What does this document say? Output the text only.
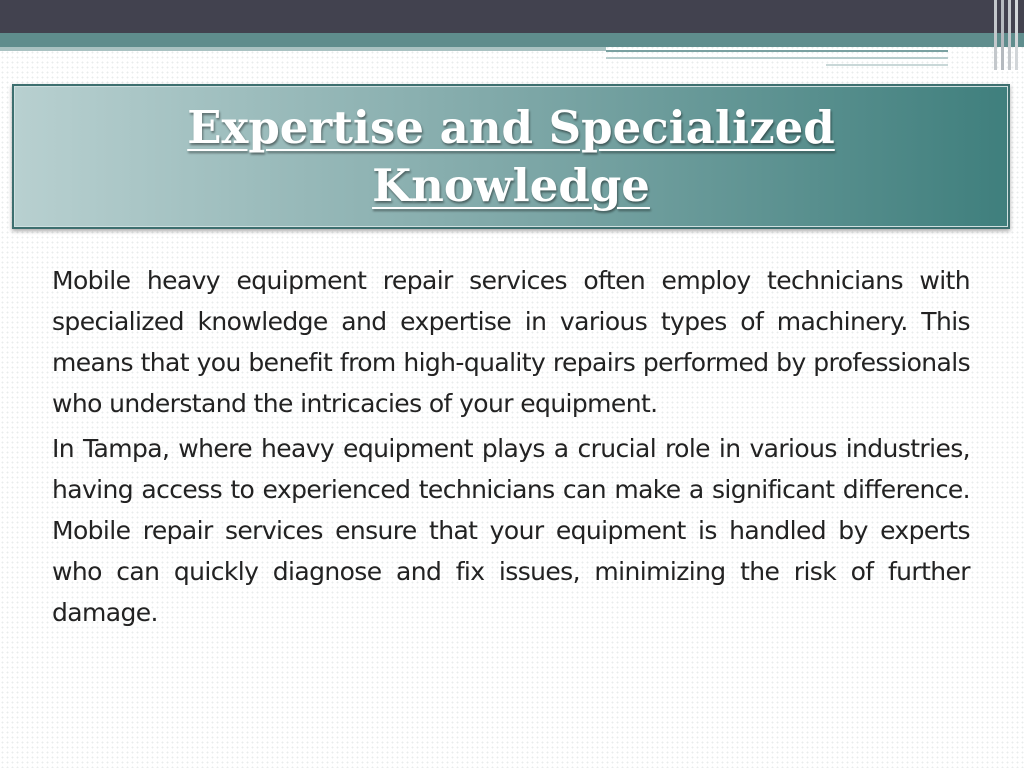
Expertise and Specialized Knowledge

Mobile heavy equipment repair services often employ technicians with specialized knowledge and expertise in various types of machinery. This means that you benefit from high-quality repairs performed by professionals who understand the intricacies of your equipment.

In Tampa, where heavy equipment plays a crucial role in various industries, having access to experienced technicians can make a significant difference. Mobile repair services ensure that your equipment is handled by experts who can quickly diagnose and fix issues, minimizing the risk of further damage.
